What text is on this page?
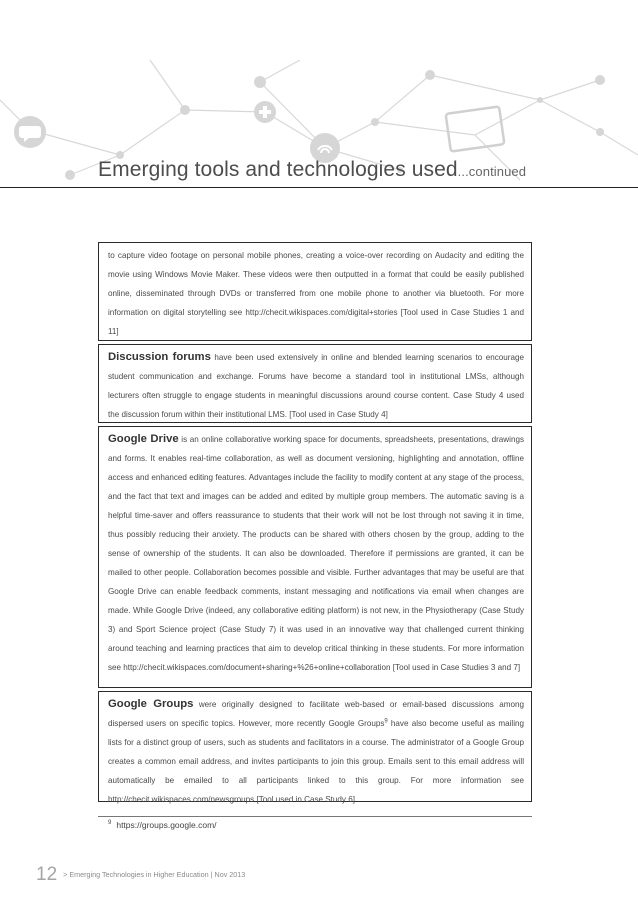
Emerging tools and technologies used...continued
to capture video footage on personal mobile phones, creating a voice-over recording on Audacity and editing the movie using Windows Movie Maker. These videos were then outputted in a format that could be easily published online, disseminated through DVDs or transferred from one mobile phone to another via bluetooth. For more information on digital storytelling see http://checit.wikispaces.com/digital+stories [Tool used in Case Studies 1 and 11]
Discussion forums have been used extensively in online and blended learning scenarios to encourage student communication and exchange. Forums have become a standard tool in institutional LMSs, although lecturers often struggle to engage students in meaningful discussions around course content. Case Study 4 used the discussion forum within their institutional LMS. [Tool used in Case Study 4]
Google Drive is an online collaborative working space for documents, spreadsheets, presentations, drawings and forms. It enables real-time collaboration, as well as document versioning, highlighting and annotation, offline access and enhanced editing features. Advantages include the facility to modify content at any stage of the process, and the fact that text and images can be added and edited by multiple group members. The automatic saving is a helpful time-saver and offers reassurance to students that their work will not be lost through not saving it in time, thus possibly reducing their anxiety. The products can be shared with others chosen by the group, adding to the sense of ownership of the students. It can also be downloaded. Therefore if permissions are granted, it can be mailed to other people. Collaboration becomes possible and visible. Further advantages that may be useful are that Google Drive can enable feedback comments, instant messaging and notifications via email when changes are made. While Google Drive (indeed, any collaborative editing platform) is not new, in the Physiotherapy (Case Study 3) and Sport Science project (Case Study 7) it was used in an innovative way that challenged current thinking around teaching and learning practices that aim to develop critical thinking in these students. For more information see http://checit.wikispaces.com/document+sharing+%26+online+collaboration [Tool used in Case Studies 3 and 7]
Google Groups were originally designed to facilitate web-based or email-based discussions among dispersed users on specific topics. However, more recently Google Groups$^9$ have also become useful as mailing lists for a distinct group of users, such as students and facilitators in a course. The administrator of a Google Group creates a common email address, and invites participants to join this group. Emails sent to this email address will automatically be emailed to all participants linked to this group. For more information see http://checit.wikispaces.com/newsgroups [Tool used in Case Study 6]
$^9$ https://groups.google.com/
12 > Emerging Technologies in Higher Education | Nov 2013
